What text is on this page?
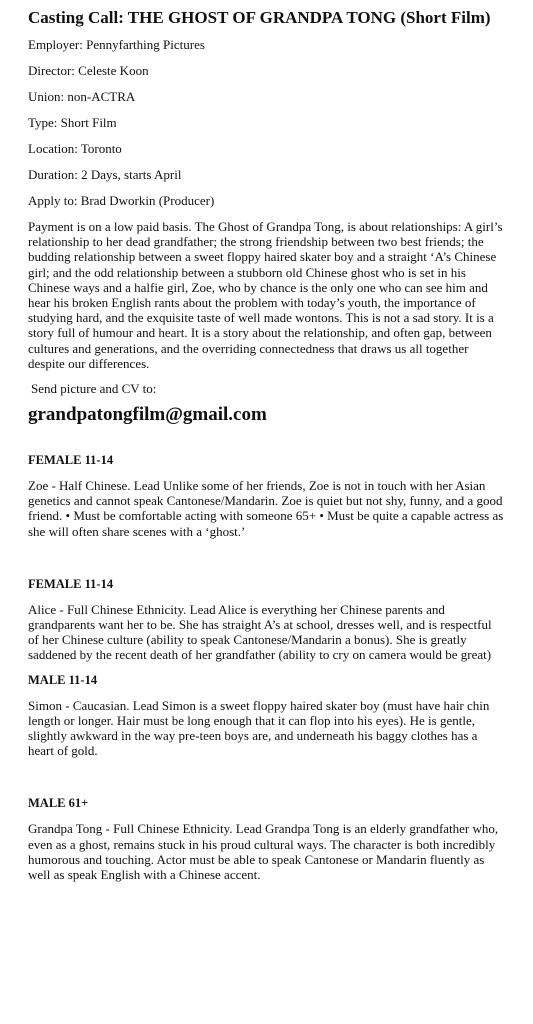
Casting Call: THE GHOST OF GRANDPA TONG (Short Film)
Employer: Pennyfarthing Pictures
Director: Celeste Koon
Union: non-ACTRA
Type: Short Film
Location: Toronto
Duration: 2 Days, starts April
Apply to: Brad Dworkin (Producer)
Payment is on a low paid basis. The Ghost of Grandpa Tong, is about relationships: A girl’s relationship to her dead grandfather; the strong friendship between two best friends; the budding relationship between a sweet floppy haired skater boy and a straight ‘A’s Chinese girl; and the odd relationship between a stubborn old Chinese ghost who is set in his Chinese ways and a halfie girl, Zoe, who by chance is the only one who can see him and hear his broken English rants about the problem with today’s youth, the importance of studying hard, and the exquisite taste of well made wontons. This is not a sad story. It is a story full of humour and heart. It is a story about the relationship, and often gap, between cultures and generations, and the overriding connectedness that draws us all together despite our differences.
Send picture and CV to:
grandpatongfilm@gmail.com
FEMALE 11-14
Zoe - Half Chinese. Lead Unlike some of her friends, Zoe is not in touch with her Asian genetics and cannot speak Cantonese/Mandarin. Zoe is quiet but not shy, funny, and a good friend. • Must be comfortable acting with someone 65+ • Must be quite a capable actress as she will often share scenes with a ‘ghost.’
FEMALE 11-14
Alice - Full Chinese Ethnicity. Lead Alice is everything her Chinese parents and grandparents want her to be. She has straight A’s at school, dresses well, and is respectful of her Chinese culture (ability to speak Cantonese/Mandarin a bonus). She is greatly saddened by the recent death of her grandfather (ability to cry on camera would be great)
MALE 11-14
Simon - Caucasian. Lead Simon is a sweet floppy haired skater boy (must have hair chin length or longer. Hair must be long enough that it can flop into his eyes). He is gentle, slightly awkward in the way pre-teen boys are, and underneath his baggy clothes has a heart of gold.
MALE 61+
Grandpa Tong - Full Chinese Ethnicity. Lead Grandpa Tong is an elderly grandfather who, even as a ghost, remains stuck in his proud cultural ways. The character is both incredibly humorous and touching. Actor must be able to speak Cantonese or Mandarin fluently as well as speak English with a Chinese accent.
